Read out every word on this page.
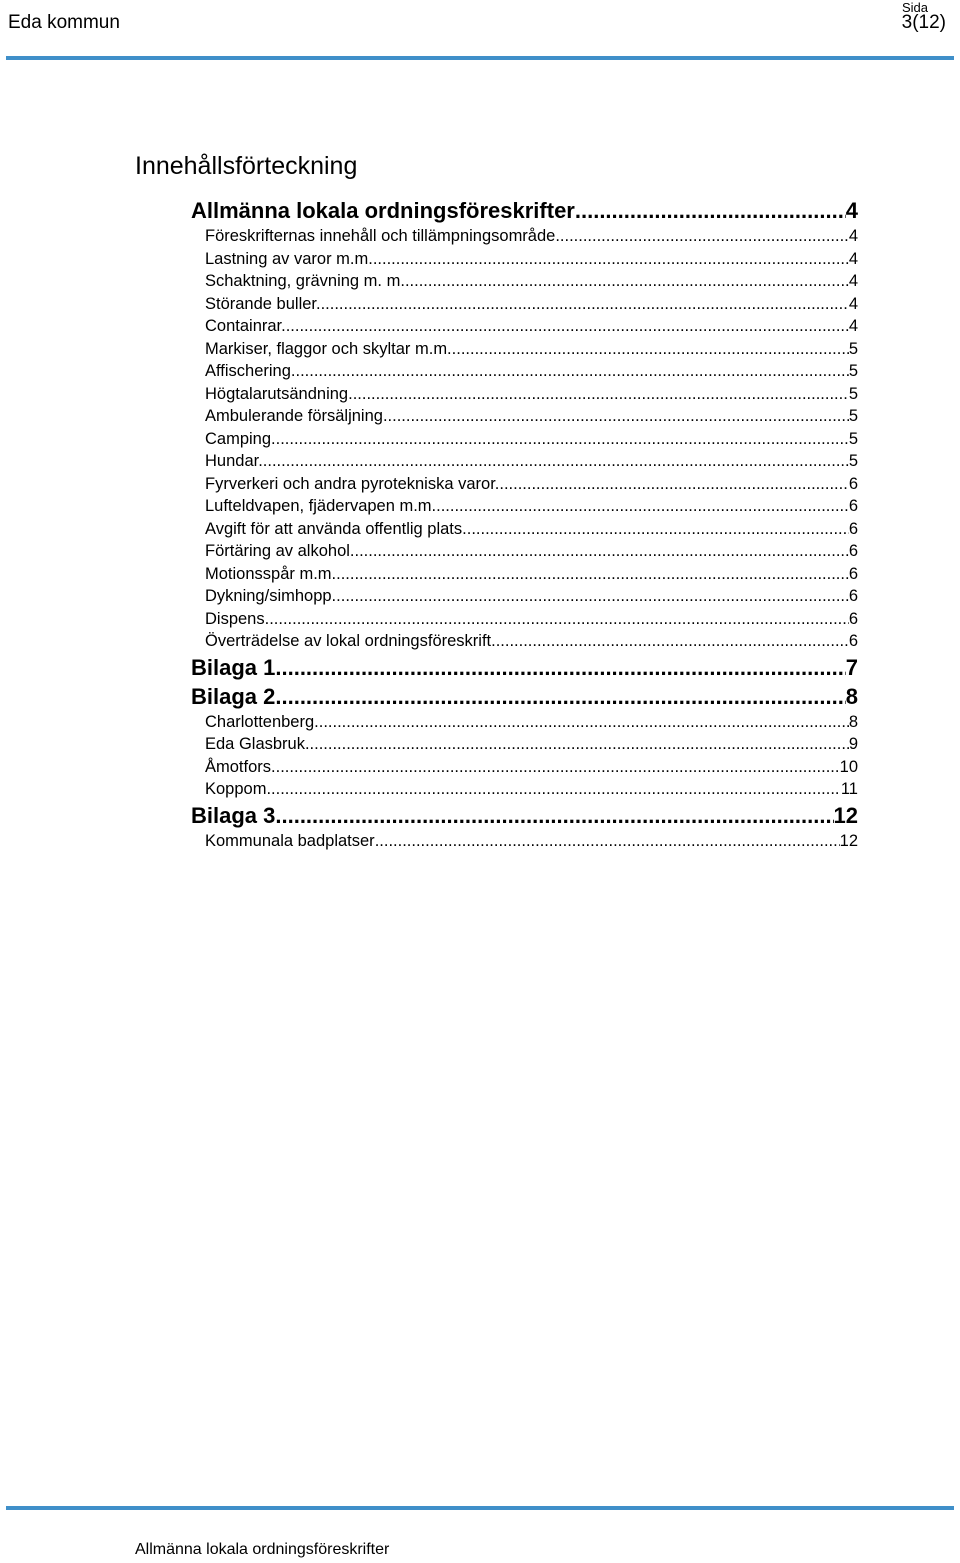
Eda kommun
Sida
3(12)
Innehållsförteckning
Allmänna lokala ordningsföreskrifter .....	4
Föreskrifternas innehåll och tillämpningsområde .....	4
Lastning av varor m.m. .....	4
Schaktning, grävning m. m. .....	4
Störande buller. .....	4
Containrar. .....	4
Markiser, flaggor och skyltar m.m. .....	5
Affischering. .....	5
Högtalarutsändning. .....	5
Ambulerande försäljning. .....	5
Camping. .....	5
Hundar. .....	5
Fyrverkeri och andra pyrotekniska varor. .....	6
Lufteldvapen, fjädervapen m.m. .....	6
Avgift för att använda offentlig plats. .....	6
Förtäring av alkohol. .....	6
Motionsspår m.m. .....	6
Dykning/simhopp. .....	6
Dispens. .....	6
Överträdelse av lokal ordningsföreskrift. .....	6
Bilaga 1 .....	7
Bilaga 2 .....	8
Charlottenberg .....	8
Eda Glasbruk .....	9
Åmotfors .....	10
Koppom .....	11
Bilaga 3 .....	12
Kommunala badplatser .....	12
Allmänna lokala ordningsföreskrifter
